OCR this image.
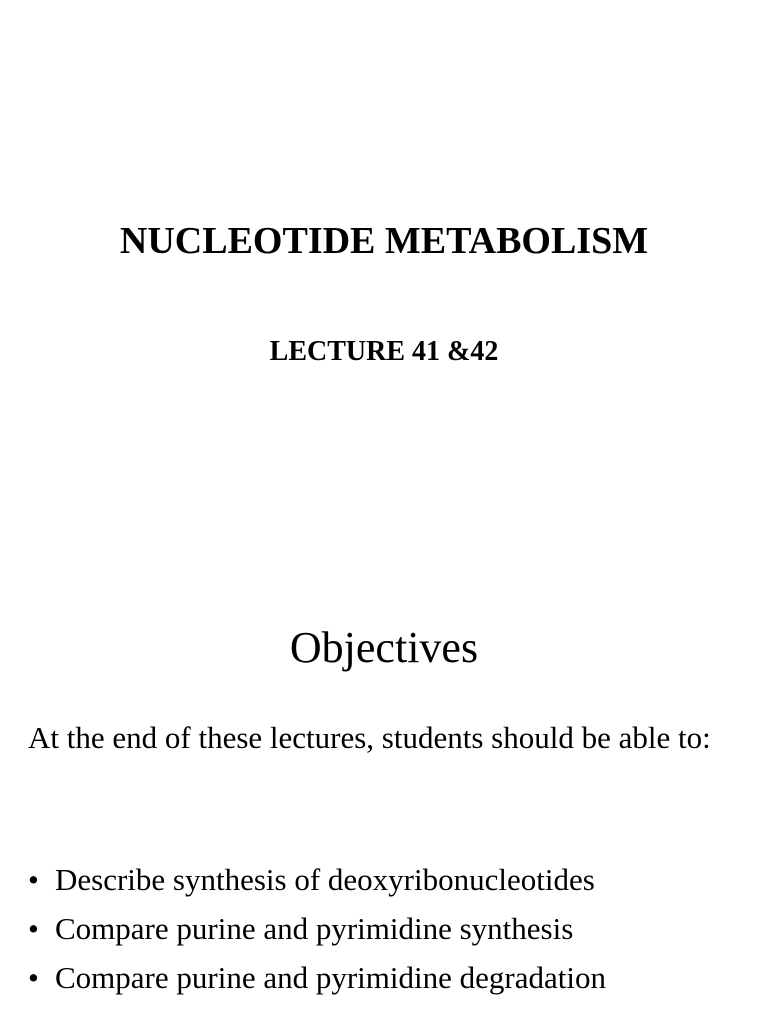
NUCLEOTIDE METABOLISM
LECTURE 41 &42
Objectives

At the end of these lectures, students should be able to:

• Describe synthesis of deoxyribonucleotides
• Compare purine and pyrimidine synthesis
• Compare purine and pyrimidine degradation
